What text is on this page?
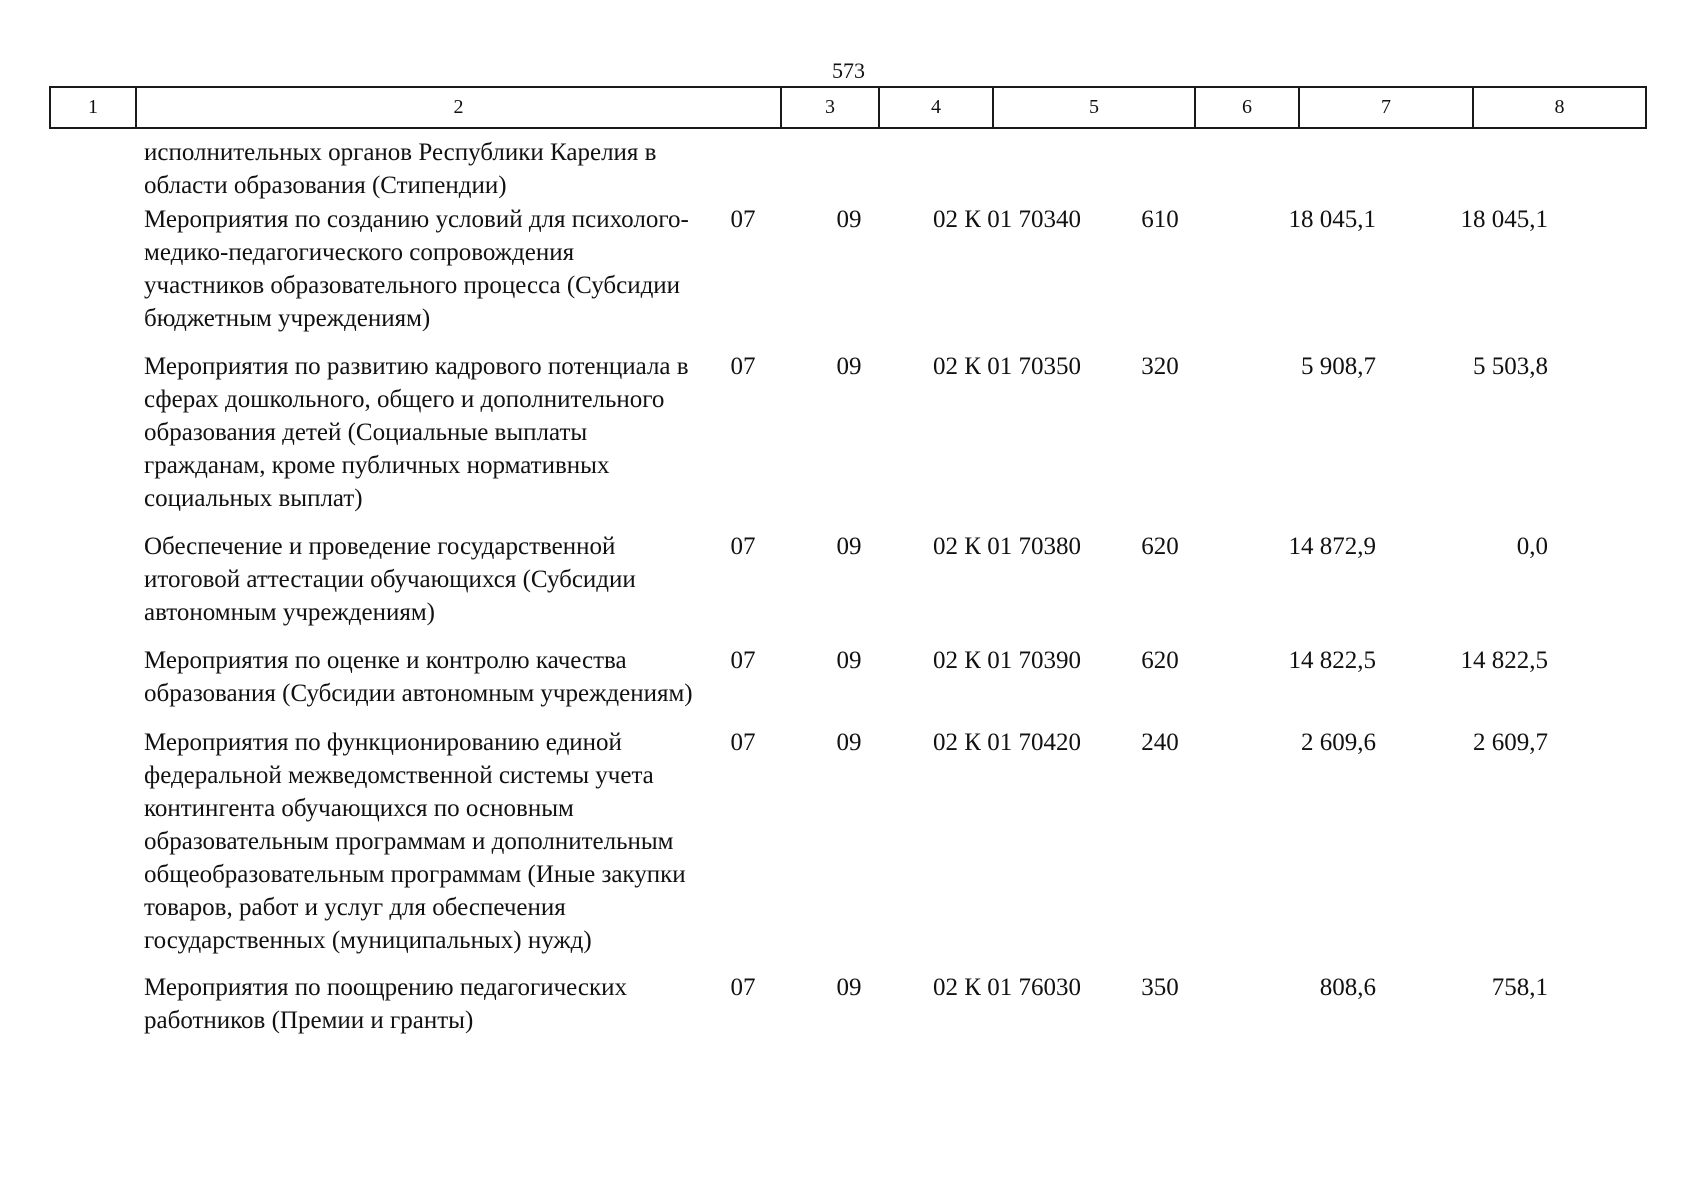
573
1	2	3	4	5	6	7	8
исполнительных органов Республики Карелия в
области образования (Стипендии)
Мероприятия по созданию условий для психолого-
медико-педагогического сопровождения
участников образовательного процесса (Субсидии
бюджетным учреждениям)
07	09	02 К 01 70340	610	18 045,1	18 045,1
Мероприятия по развитию кадрового потенциала в
сферах дошкольного, общего и дополнительного
образования детей (Социальные выплаты
гражданам, кроме публичных нормативных
социальных выплат)
07	09	02 К 01 70350	320	5 908,7	5 503,8
Обеспечение и проведение государственной
итоговой аттестации обучающихся (Субсидии
автономным учреждениям)
07	09	02 К 01 70380	620	14 872,9	0,0
Мероприятия по оценке и контролю качества
образования (Субсидии автономным учреждениям)
07	09	02 К 01 70390	620	14 822,5	14 822,5
Мероприятия по функционированию единой
федеральной межведомственной системы учета
контингента обучающихся по основным
образовательным программам и дополнительным
общеобразовательным программам (Иные закупки
товаров, работ и услуг для обеспечения
государственных (муниципальных) нужд)
07	09	02 К 01 70420	240	2 609,6	2 609,7
Мероприятия по поощрению педагогических
работников (Премии и гранты)
07	09	02 К 01 76030	350	808,6	758,1
